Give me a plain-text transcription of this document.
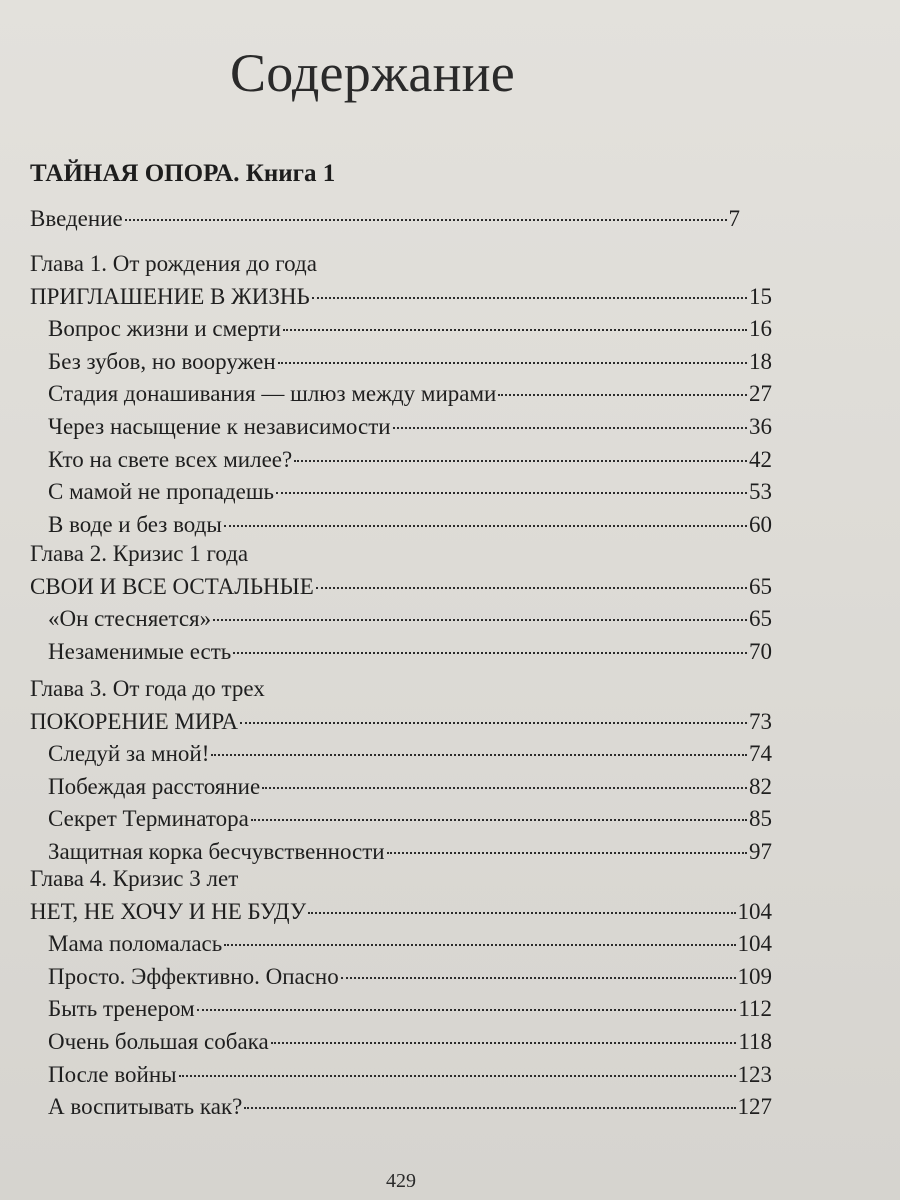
Содержание
ТАЙНАЯ ОПОРА. Книга 1
Введение	7
Глава 1. От рождения до года
ПРИГЛАШЕНИЕ В ЖИЗНЬ	15
Вопрос жизни и смерти	16
Без зубов, но вооружен	18
Стадия донашивания — шлюз между мирами	27
Через насыщение к независимости	36
Кто на свете всех милее?	42
С мамой не пропадешь	53
В воде и без воды	60
Глава 2. Кризис 1 года
СВОИ И ВСЕ ОСТАЛЬНЫЕ	65
«Он стесняется»	65
Незаменимые есть	70
Глава 3. От года до трех
ПОКОРЕНИЕ МИРА	73
Следуй за мной!	74
Побеждая расстояние	82
Секрет Терминатора	85
Защитная корка бесчувственности	97
Глава 4. Кризис 3 лет
НЕТ, НЕ ХОЧУ И НЕ БУДУ	104
Мама поломалась	104
Просто. Эффективно. Опасно	109
Быть тренером	112
Очень большая собака	118
После войны	123
А воспитывать как?	127
429
